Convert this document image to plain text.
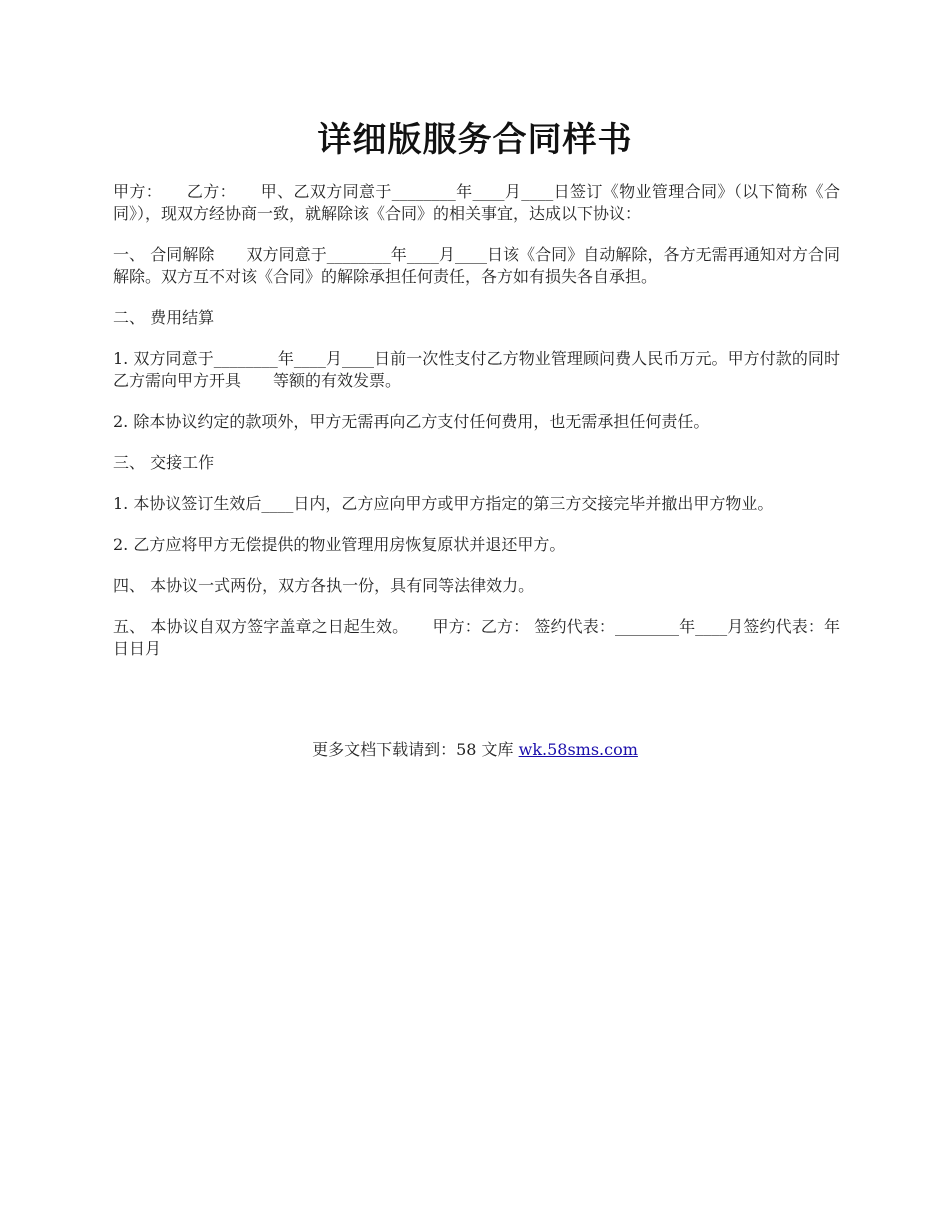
详细版服务合同样书

甲方：　　乙方：　　甲、乙双方同意于________年____月____日签订《物业管理合同》（以下简称《合同》），现双方经协商一致，就解除该《合同》的相关事宜，达成以下协议：

一、 合同解除　　双方同意于________年____月____日该《合同》自动解除，各方无需再通知对方合同解除。双方互不对该《合同》的解除承担任何责任，各方如有损失各自承担。

二、 费用结算

1. 双方同意于________年____月____日前一次性支付乙方物业管理顾问费人民币万元。甲方付款的同时乙方需向甲方开具　　等额的有效发票。

2. 除本协议约定的款项外，甲方无需再向乙方支付任何费用，也无需承担任何责任。

三、 交接工作

1. 本协议签订生效后____日内，乙方应向甲方或甲方指定的第三方交接完毕并撤出甲方物业。

2. 乙方应将甲方无偿提供的物业管理用房恢复原状并退还甲方。

四、 本协议一式两份，双方各执一份，具有同等法律效力。

五、 本协议自双方签字盖章之日起生效。　　甲方：乙方： 签约代表：________年____月签约代表：年日日月

更多文档下载请到：58 文库 wk.58sms.com
